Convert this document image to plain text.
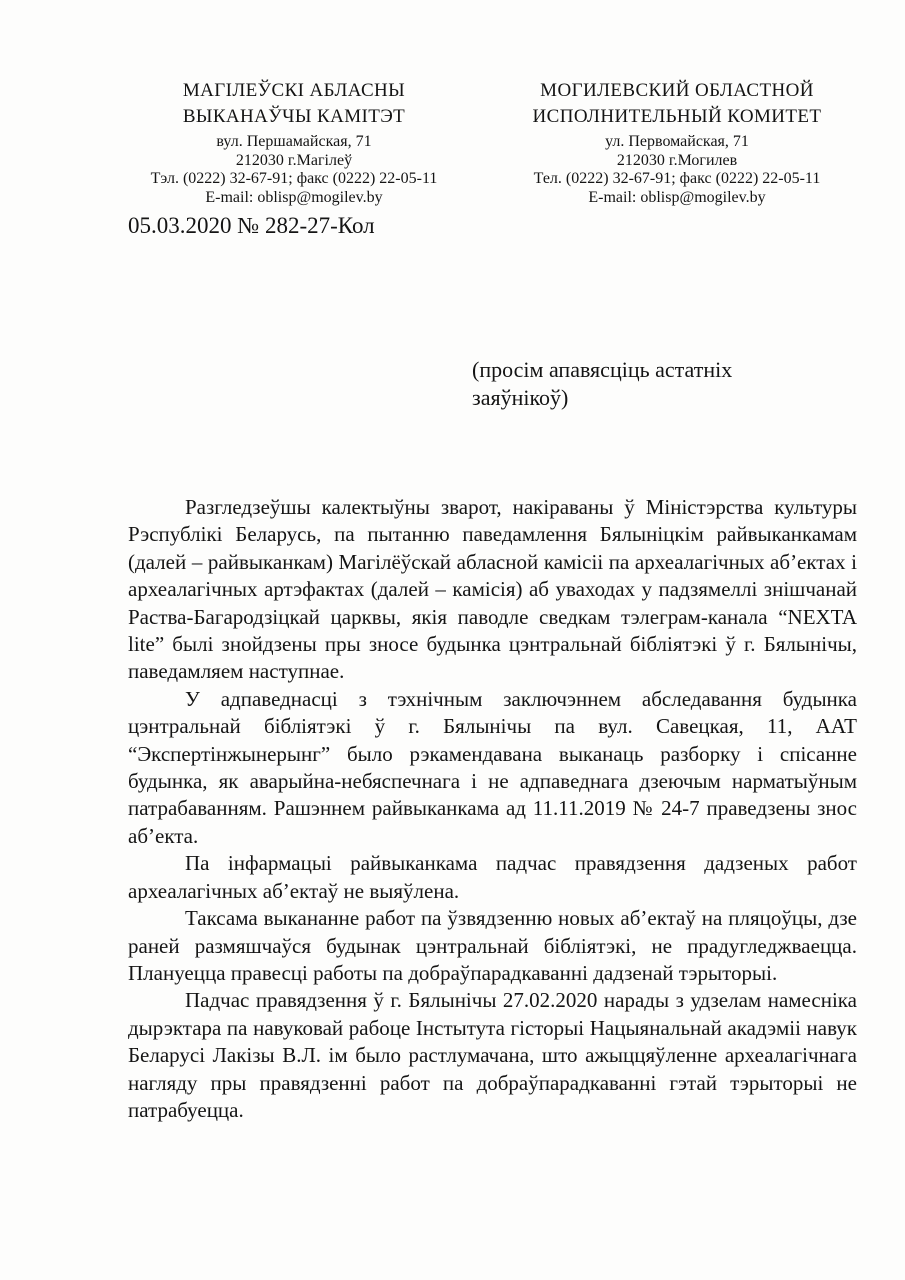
МАГІЛЕЎСКІ АБЛАСНЫ
ВЫКАНАЎЧЫ КАМІТЭТ
вул. Першамайская, 71
212030 г.Магілеў
Тэл. (0222) 32-67-91; факс (0222) 22-05-11
E-mail: oblisp@mogilev.by
МОГИЛЕВСКИЙ ОБЛАСТНОЙ
ИСПОЛНИТЕЛЬНЫЙ КОМИТЕТ
ул. Первомайская, 71
212030 г.Могилев
Тел. (0222) 32-67-91; факс (0222) 22-05-11
E-mail: oblisp@mogilev.by
05.03.2020 № 282-27-Кол
(просім апавясціць астатніх заяўнікоў)

Разгледзеўшы калектыўны зварот, накіраваны ў Міністэрства культуры Рэспублікі Беларусь, па пытанню паведамлення Бялыніцкім райвыканкамам (далей – райвыканкам) Магілёўскай абласной камісіі па археалагічных аб’ектах і археалагічных артэфактах (далей – камісія) аб уваходах у падзямеллі знішчанай Раства-Багародзіцкай царквы, якія паводле сведкам тэлеграм-канала “NEXTA lite” былі знойдзены пры зносе будынка цэнтральнай бібліятэкі ў г. Бялынічы, паведамляем наступнае.

У адпаведнасці з тэхнічным заключэннем абследавання будынка цэнтральнай бібліятэкі ў г. Бялынічы па вул. Савецкая, 11, ААТ “Экспертінжынерынг” было рэкамендавана выканаць разборку і спісанне будынка, як аварыйна-небяспечнага і не адпаведнага дзеючым нарматыўным патрабаванням. Рашэннем райвыканкама ад 11.11.2019 № 24-7 праведзены знос аб’екта.

Па інфармацыі райвыканкама падчас правядзення дадзеных работ археалагічных аб’ектаў не выяўлена.

Таксама выкананне работ па ўзвядзенню новых аб’ектаў на пляцоўцы, дзе раней размяшчаўся будынак цэнтральнай бібліятэкі, не прадугледжваецца. Плануецца правесці работы па добраўпарадкаванні дадзенай тэрыторыі.

Падчас правядзення ў г. Бялынічы 27.02.2020 нарады з удзелам намесніка дырэктара па навуковай рабоце Інстытута гісторыі Нацыянальнай акадэміі навук Беларусі Лакізы В.Л. ім было растлумачана, што ажыццяўленне археалагічнага нагляду пры правядзенні работ па добраўпарадкаванні гэтай тэрыторыі не патрабуецца.
